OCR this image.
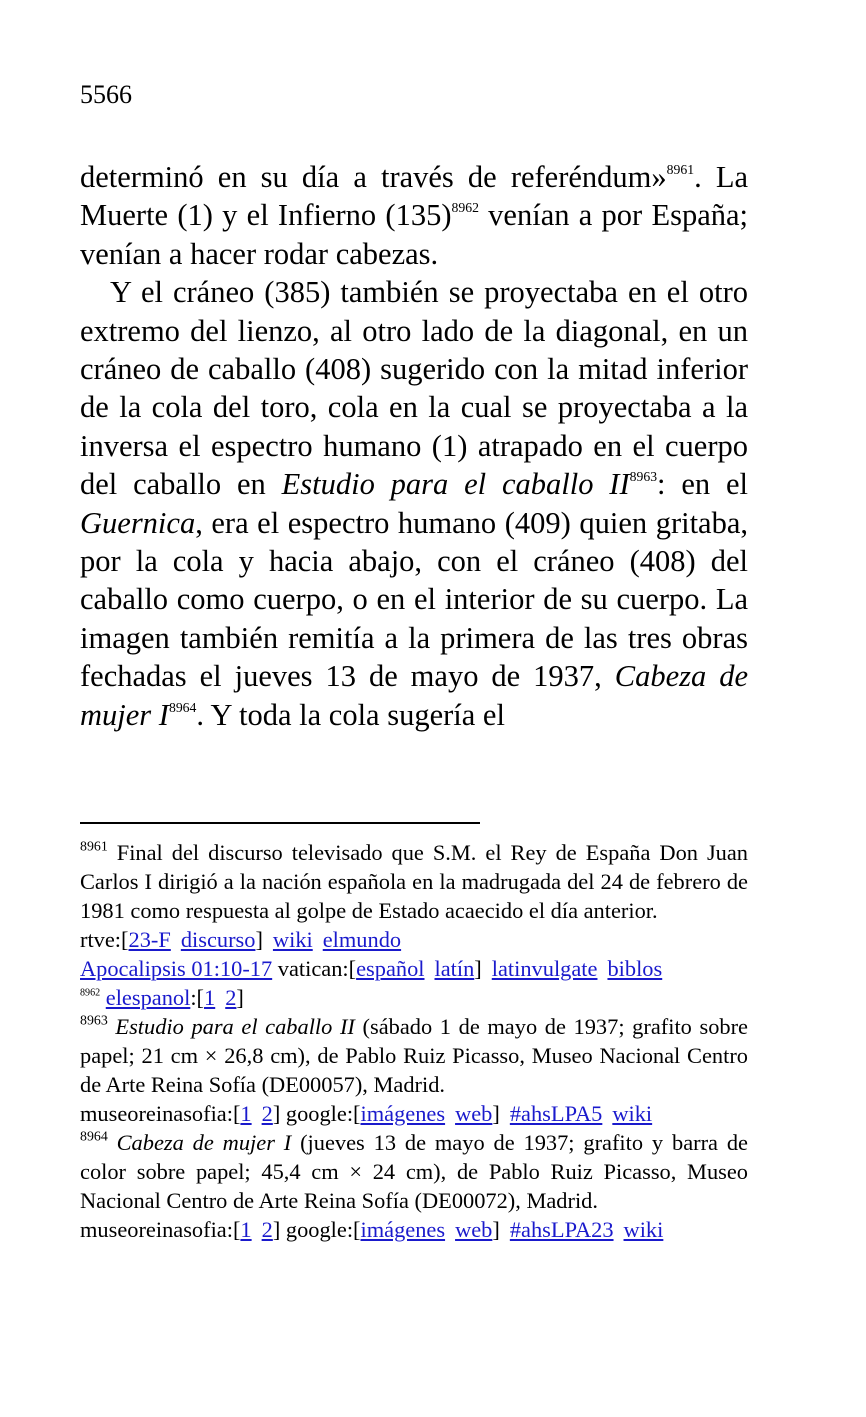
5566

determinó en su día a través de referéndum»$^{8961}$. La Muerte (1) y el Infierno $(135)^{8962}$ venían a por España; venían a hacer rodar cabezas.

Y el cráneo (385) también se proyectaba en el otro extremo del lienzo, al otro lado de la diagonal, en un cráneo de caballo (408) sugerido con la mitad inferior de la cola del toro, cola en la cual se proyectaba a la inversa el espectro humano (1) atrapado en el cuerpo del caballo en Estudio para el caballo $II^{8963}$: en el Guernica, era el espectro humano (409) quien gritaba, por la cola y hacia abajo, con el cráneo (408) del caballo como cuerpo, o en el interior de su cuerpo. La imagen también remitía a la primera de las tres obras fechadas el jueves 13 de mayo de 1937, Cabeza de mujer $I^{8964}$. Y toda la cola sugería el

$^{8961}$ Final del discurso televisado que S.M. el Rey de España Don Juan Carlos I dirigió a la nación española en la madrugada del 24 de febrero de 1981 como respuesta al golpe de Estado acaecido el día anterior.

rtve:[23-F discurso] wiki elmundo

Apocalipsis 01:10-17 vatican:[español latín] latinvulgate biblos

$^{8962}$ elespanol:[1 2]

$^{8963}$ Estudio para el caballo II (sábado 1 de mayo de 1937; grafito sobre papel; 21 cm × 26,8 cm), de Pablo Ruiz Picasso, Museo Nacional Centro de Arte Reina Sofía (DE00057), Madrid.

museoreinasofia:[1 2] google:[imágenes web] #ahsLPA5 wiki

$^{8964}$ Cabeza de mujer I (jueves 13 de mayo de 1937; grafito y barra de color sobre papel; 45,4 cm × 24 cm), de Pablo Ruiz Picasso, Museo Nacional Centro de Arte Reina Sofía (DE00072), Madrid.

museoreinasofia:[1 2] google:[imágenes web] #ahsLPA23 wiki
